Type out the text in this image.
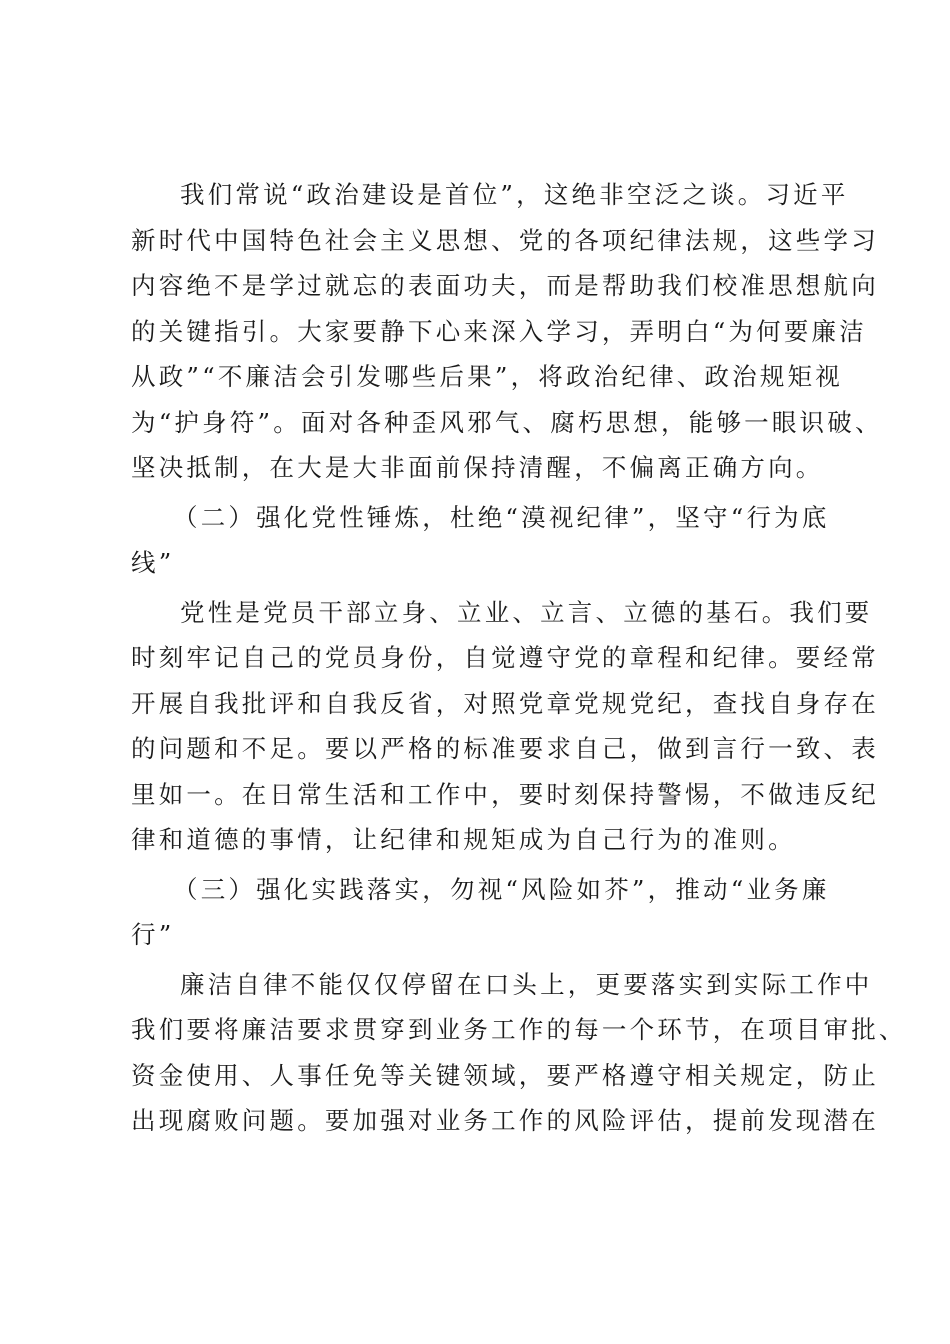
我们常说“政治建设是首位”，这绝非空泛之谈。习近平
新时代中国特色社会主义思想、党的各项纪律法规，这些学习
内容绝不是学过就忘的表面功夫，而是帮助我们校准思想航向
的关键指引。大家要静下心来深入学习，弄明白“为何要廉洁
从政”“不廉洁会引发哪些后果”，将政治纪律、政治规矩视
为“护身符”。面对各种歪风邪气、腐朽思想，能够一眼识破、
坚决抵制，在大是大非面前保持清醒，不偏离正确方向。
（二）强化党性锤炼，杜绝“漠视纪律”，坚守“行为底
线”
党性是党员干部立身、立业、立言、立德的基石。我们要
时刻牢记自己的党员身份，自觉遵守党的章程和纪律。要经常
开展自我批评和自我反省，对照党章党规党纪，查找自身存在
的问题和不足。要以严格的标准要求自己，做到言行一致、表
里如一。在日常生活和工作中，要时刻保持警惕，不做违反纪
律和道德的事情，让纪律和规矩成为自己行为的准则。
（三）强化实践落实，勿视“风险如芥”，推动“业务廉
行”
廉洁自律不能仅仅停留在口头上，更要落实到实际工作中
我们要将廉洁要求贯穿到业务工作的每一个环节，在项目审批、
资金使用、人事任免等关键领域，要严格遵守相关规定，防止
出现腐败问题。要加强对业务工作的风险评估，提前发现潜在
